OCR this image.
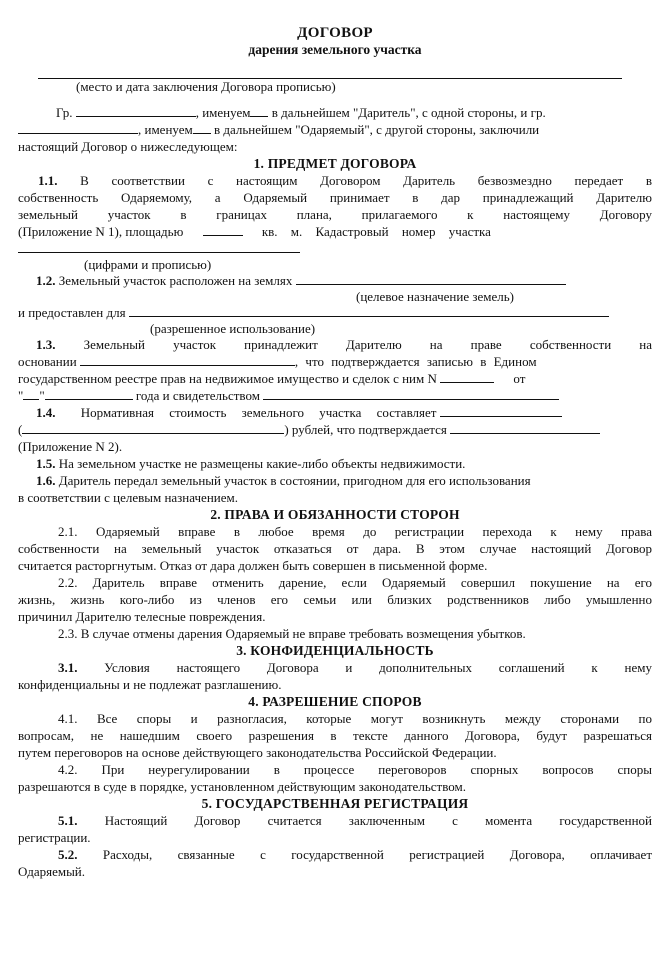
ДОГОВОР
дарения земельного участка
(место и дата заключения Договора прописью)
Гр.	, именуем в дальнейшем "Даритель", с одной стороны, и гр.
, именуем в дальнейшем "Одаряемый", с другой стороны, заключили
настоящий Договор о нижеследующем:
1. ПРЕДМЕТ ДОГОВОРА
1.1. В соответствии с настоящим Договором Даритель безвозмездно передает в
собственность Одаряемому, а Одаряемый принимает в дар принадлежащий Дарителю
земельный участок в границах плана, прилагаемого к настоящему Договору
(Приложение N 1), площадью	кв. м. Кадастровый номер участка
(цифрами и прописью)
1.2. Земельный участок расположен на землях
(целевое назначение земель)
и предоставлен для
(разрешенное использование)
1.3. Земельный участок принадлежит Дарителю на праве собственности на
основании	, что подтверждается записью в Едином
государственном реестре прав на недвижимое имущество и сделок с ним N	от
" "	года и свидетельством
1.4. Нормативная стоимость земельного участка составляет
(	) рублей, что подтверждается
(Приложение N 2).
1.5. На земельном участке не размещены какие-либо объекты недвижимости.
1.6. Даритель передал земельный участок в состоянии, пригодном для его использования
в соответствии с целевым назначением.
2. ПРАВА И ОБЯЗАННОСТИ СТОРОН
2.1. Одаряемый вправе в любое время до регистрации перехода к нему права
собственности на земельный участок отказаться от дара. В этом случае настоящий Договор
считается расторгнутым. Отказ от дара должен быть совершен в письменной форме.
2.2. Даритель вправе отменить дарение, если Одаряемый совершил покушение на его
жизнь, жизнь кого-либо из членов его семьи или близких родственников либо умышленно
причинил Дарителю телесные повреждения.
2.3. В случае отмены дарения Одаряемый не вправе требовать возмещения убытков.
3. КОНФИДЕНЦИАЛЬНОСТЬ
3.1. Условия настоящего Договора и дополнительных соглашений к нему
конфиденциальны и не подлежат разглашению.
4. РАЗРЕШЕНИЕ СПОРОВ
4.1. Все споры и разногласия, которые могут возникнуть между сторонами по
вопросам, не нашедшим своего разрешения в тексте данного Договора, будут разрешаться
путем переговоров на основе действующего законодательства Российской Федерации.
4.2. При неурегулировании в процессе переговоров спорных вопросов споры
разрешаются в суде в порядке, установленном действующим законодательством.
5. ГОСУДАРСТВЕННАЯ РЕГИСТРАЦИЯ
5.1. Настоящий Договор считается заключенным с момента государственной
регистрации.
5.2. Расходы, связанные с государственной регистрацией Договора, оплачивает
Одаряемый.
